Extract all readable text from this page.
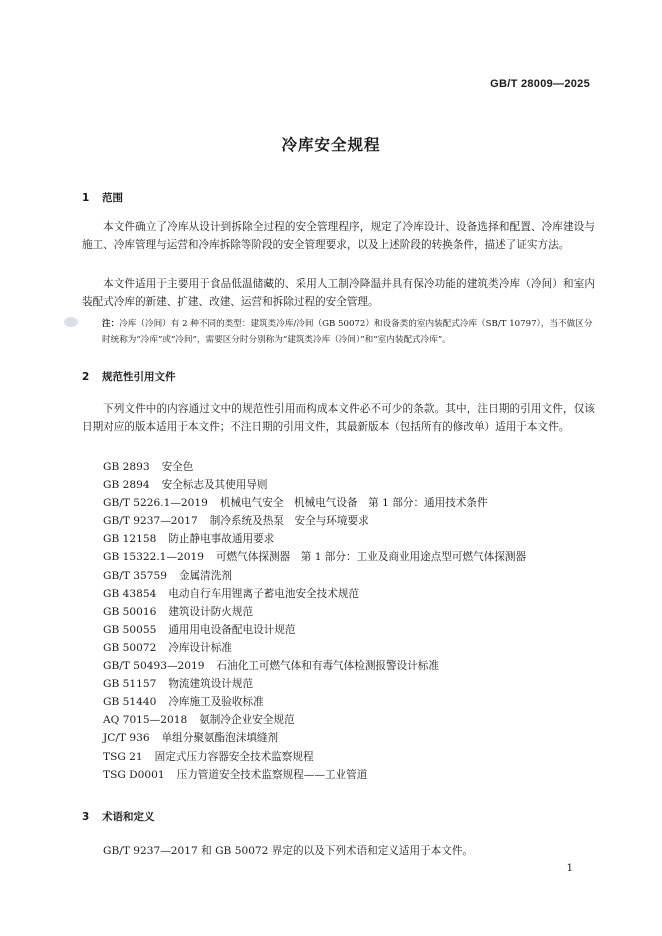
GB/T 28009—2025
冷库安全规程
1 范围
本文件确立了冷库从设计到拆除全过程的安全管理程序，规定了冷库设计、设备选择和配置、冷库建设与施工、冷库管理与运营和冷库拆除等阶段的安全管理要求，以及上述阶段的转换条件，描述了证实方法。
本文件适用于主要用于食品低温储藏的、采用人工制冷降温并具有保冷功能的建筑类冷库（冷间）和室内装配式冷库的新建、扩建、改建、运营和拆除过程的安全管理。
注：冷库（冷间）有 2 种不同的类型：建筑类冷库/冷间（GB 50072）和设备类的室内装配式冷库（SB/T 10797），当不做区分时统称为“冷库”或“冷间”，需要区分时分别称为“建筑类冷库（冷间）”和“室内装配式冷库”。
2 规范性引用文件
下列文件中的内容通过文中的规范性引用而构成本文件必不可少的条款。其中，注日期的引用文件，仅该日期对应的版本适用于本文件；不注日期的引用文件，其最新版本（包括所有的修改单）适用于本文件。
GB 2893 安全色
GB 2894 安全标志及其使用导则
GB/T 5226.1—2019 机械电气安全　机械电气设备　第 1 部分：通用技术条件
GB/T 9237—2017 制冷系统及热泵　安全与环境要求
GB 12158 防止静电事故通用要求
GB 15322.1—2019 可燃气体探测器　第 1 部分：工业及商业用途点型可燃气体探测器
GB/T 35759 金属清洗剂
GB 43854 电动自行车用锂离子蓄电池安全技术规范
GB 50016 建筑设计防火规范
GB 50055 通用用电设备配电设计规范
GB 50072 冷库设计标准
GB/T 50493—2019 石油化工可燃气体和有毒气体检测报警设计标准
GB 51157 物流建筑设计规范
GB 51440 冷库施工及验收标准
AQ 7015—2018 氨制冷企业安全规范
JC/T 936 单组分聚氨酯泡沫填缝剂
TSG 21 固定式压力容器安全技术监察规程
TSG D0001 压力管道安全技术监察规程——工业管道
3 术语和定义
GB/T 9237—2017 和 GB 50072 界定的以及下列术语和定义适用于本文件。
1
